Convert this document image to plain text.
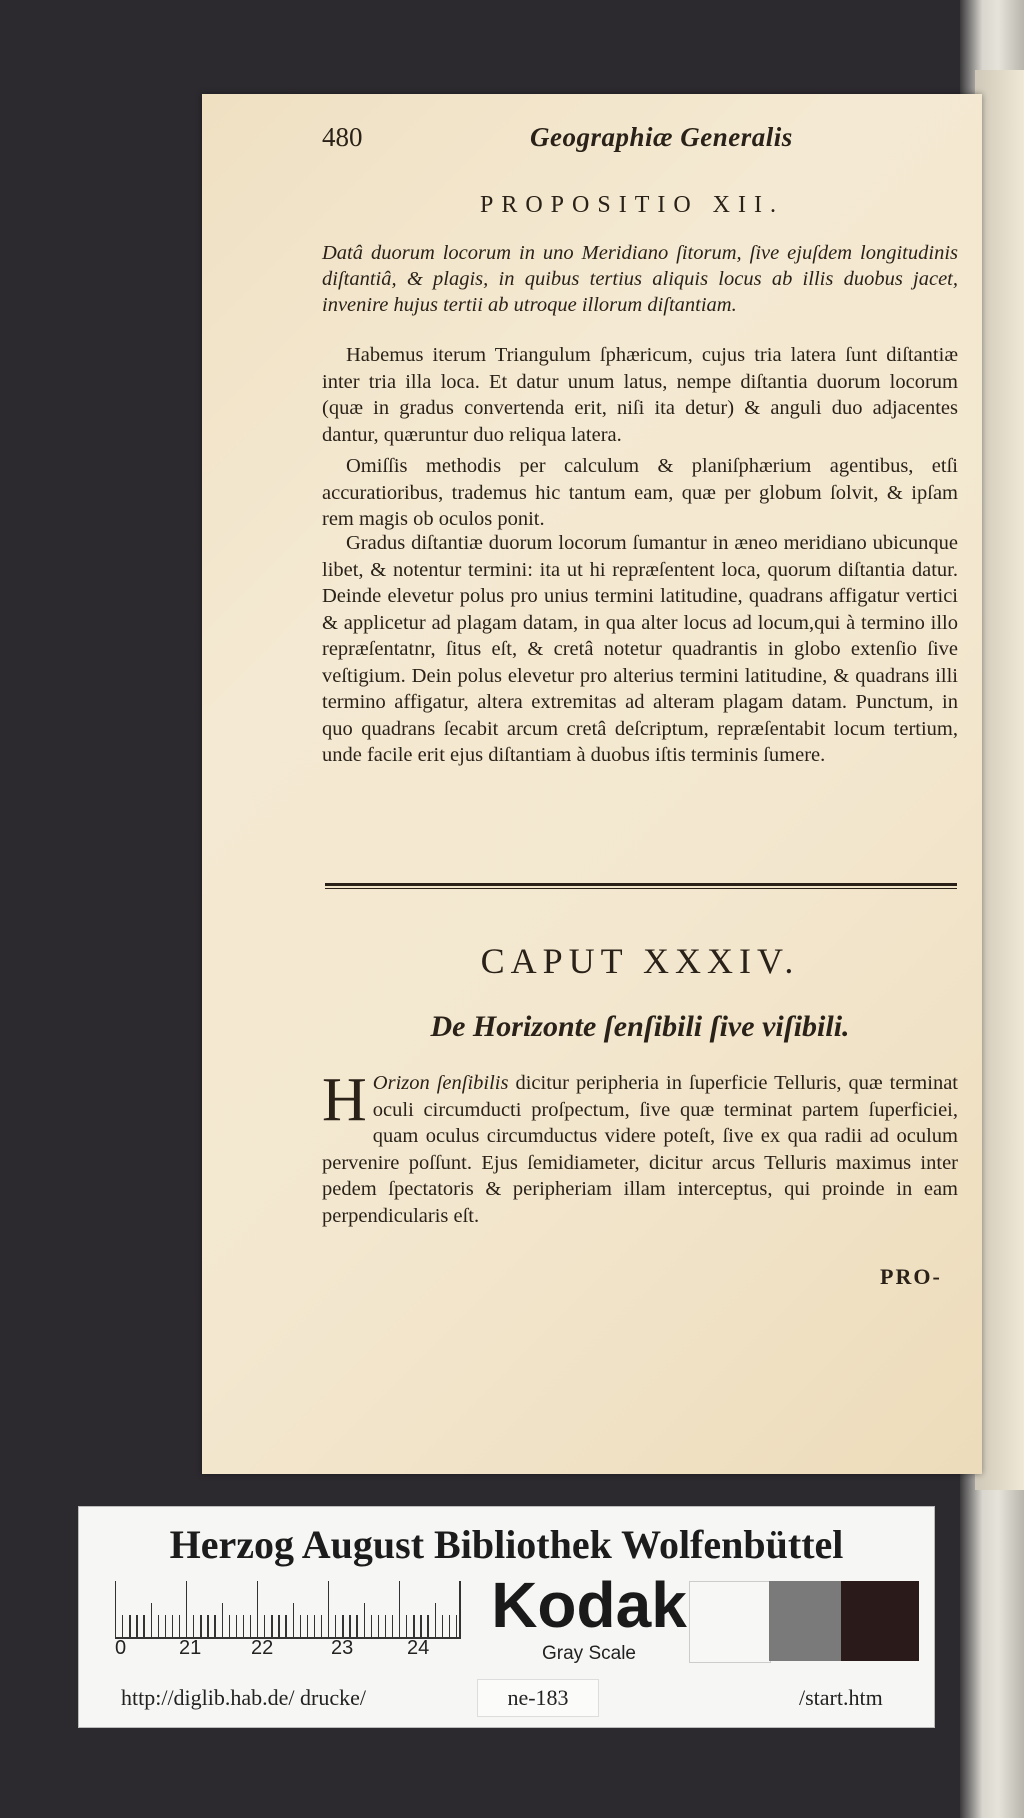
480	Geographiæ Generalis
PROPOSITIO XII.
Datâ duorum locorum in uno Meridiano ſitorum, ſive ejuſdem longitudinis diſtantiâ, & plagis, in quibus tertius aliquis locus ab illis duobus jacet, invenire hujus tertii ab utroque illorum diſtantiam.
Habemus iterum Triangulum ſphæricum, cujus tria latera ſunt diſtantiæ inter tria illa loca. Et datur unum latus, nempe diſtantia duorum locorum (quæ in gradus convertenda erit, niſi ita detur) & anguli duo adjacentes dantur, quæruntur duo reliqua latera.
Omiſſis methodis per calculum & planiſphærium agentibus, etſi accuratioribus, trademus hic tantum eam, quæ per globum ſolvit, & ipſam rem magis ob oculos ponit.
Gradus diſtantiæ duorum locorum ſumantur in æneo meridiano ubicunque libet, & notentur termini: ita ut hi repræſentent loca, quorum diſtantia datur. Deinde elevetur polus pro unius termini latitudine, quadrans affigatur vertici & applicetur ad plagam datam, in qua alter locus ad locum,qui à termino illo repræſentatnr, ſitus eſt, & cretâ notetur quadrantis in globo extenſio ſive veſtigium. Dein polus elevetur pro alterius termini latitudine, & quadrans illi termino affigatur, altera extremitas ad alteram plagam datam. Punctum, in quo quadrans ſecabit arcum cretâ deſcriptum, repræſentabit locum tertium, unde facile erit ejus diſtantiam à duobus iſtis terminis ſumere.
CAPUT XXXIV.
De Horizonte ſenſibili ſive viſibili.
H Orizon ſenſibilis dicitur peripheria in ſuperficie Telluris, quæ terminat oculi circumducti proſpectum, ſive quæ terminat partem ſuperficiei, quam oculus circumductus videre poteſt, ſive ex qua radii ad oculum pervenire poſſunt. Ejus ſemidiameter, dicitur arcus Telluris maximus inter pedem ſpectatoris & peripheriam illam interceptus, qui proinde in eam perpendicularis eſt.
PRO-
Herzog August Bibliothek Wolfenbüttel
0	21 22	23	24
Kodak
Gray Scale
http://diglib.hab.de/ drucke/	ne-183	/start.htm
